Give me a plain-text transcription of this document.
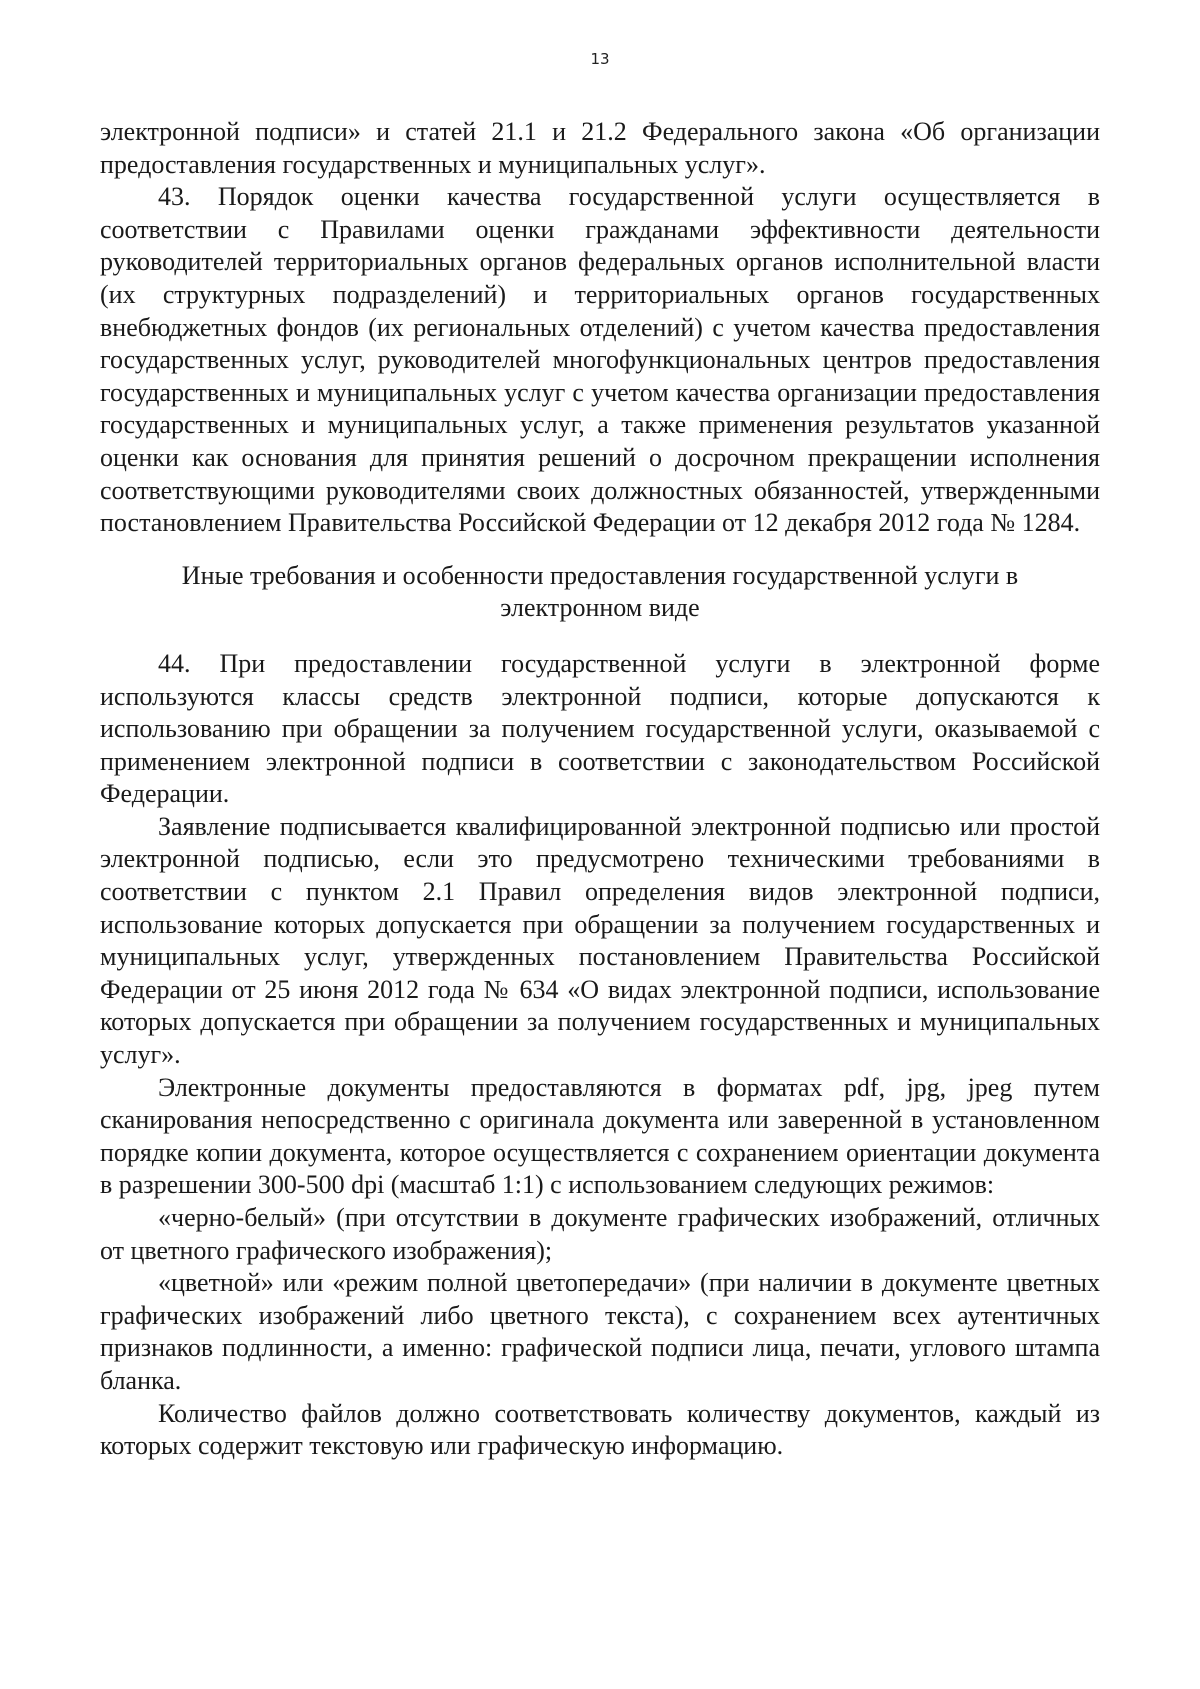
13

электронной подписи» и статей 21.1 и 21.2 Федерального закона «Об организации предоставления государственных и муниципальных услуг».

43. Порядок оценки качества государственной услуги осуществляется в соответствии с Правилами оценки гражданами эффективности деятельности руководителей территориальных органов федеральных органов исполнительной власти (их структурных подразделений) и территориальных органов государственных внебюджетных фондов (их региональных отделений) с учетом качества предоставления государственных услуг, руководителей многофункциональных центров предоставления государственных и муниципальных услуг с учетом качества организации предоставления государственных и муниципальных услуг, а также применения результатов указанной оценки как основания для принятия решений о досрочном прекращении исполнения соответствующими руководителями своих должностных обязанностей, утвержденными постановлением Правительства Российской Федерации от 12 декабря 2012 года № 1284.

Иные требования и особенности предоставления государственной услуги в электронном виде

44. При предоставлении государственной услуги в электронной форме используются классы средств электронной подписи, которые допускаются к использованию при обращении за получением государственной услуги, оказываемой с применением электронной подписи в соответствии с законодательством Российской Федерации.

Заявление подписывается квалифицированной электронной подписью или простой электронной подписью, если это предусмотрено техническими требованиями в соответствии с пунктом 2.1 Правил определения видов электронной подписи, использование которых допускается при обращении за получением государственных и муниципальных услуг, утвержденных постановлением Правительства Российской Федерации от 25 июня 2012 года № 634 «О видах электронной подписи, использование которых допускается при обращении за получением государственных и муниципальных услуг».

Электронные документы предоставляются в форматах pdf, jpg, jpeg путем сканирования непосредственно с оригинала документа или заверенной в установленном порядке копии документа, которое осуществляется с сохранением ориентации документа в разрешении 300-500 dpi (масштаб 1:1) с использованием следующих режимов:

«черно-белый» (при отсутствии в документе графических изображений, отличных от цветного графического изображения);

«цветной» или «режим полной цветопередачи» (при наличии в документе цветных графических изображений либо цветного текста), с сохранением всех аутентичных признаков подлинности, а именно: графической подписи лица, печати, углового штампа бланка.

Количество файлов должно соответствовать количеству документов, каждый из которых содержит текстовую или графическую информацию.
